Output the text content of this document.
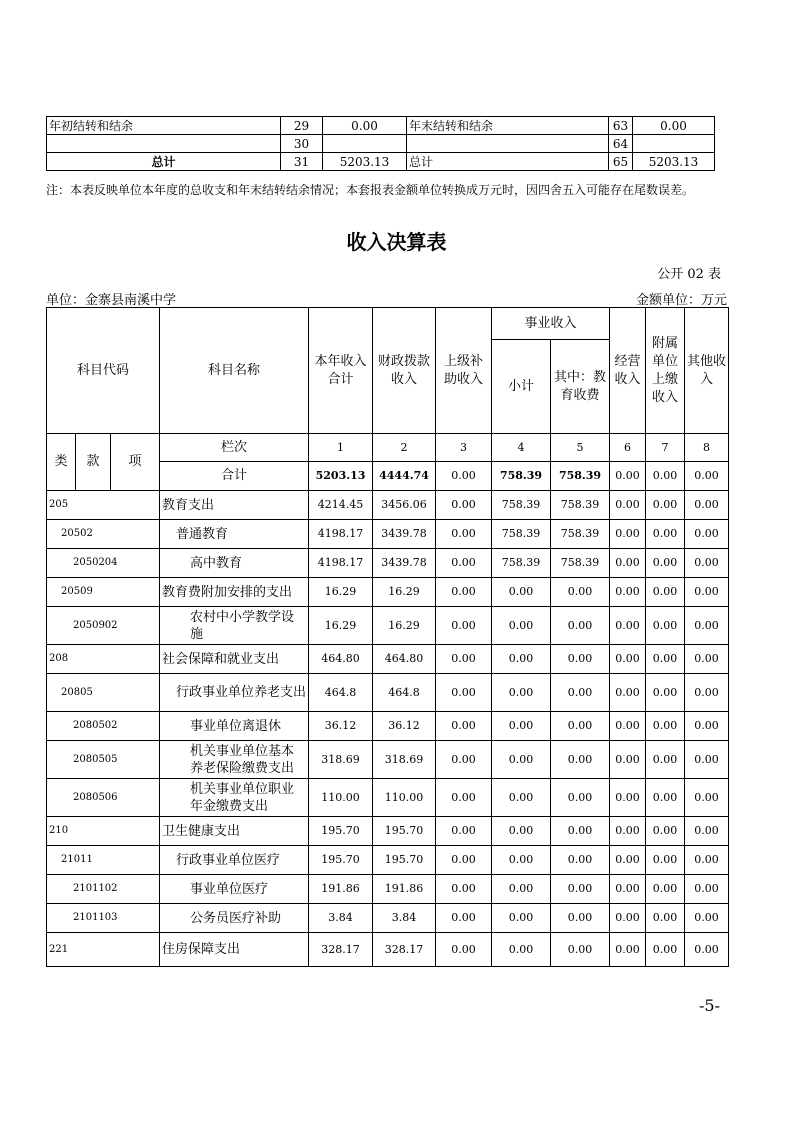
年初结转和结余	29	0.00	年末结转和结余	63	0.00
	30			64	
总计	31	5203.13	总计	65	5203.13
注：本表反映单位本年度的总收支和年末结转结余情况；本套报表金额单位转换成万元时，因四舍五入可能存在尾数误差。
收入决算表
公开 02 表
单位：金寨县南溪中学	金额单位：万元
科目代码			科目名称	本年收入合计	财政拨款收入	上级补助收入	事业收入		经营收入	附属单位上缴收入	其他收入
							小计	其中：教育收费			
类	款	项	栏次	1	2	3	4	5	6	7	8
			合计	5203.13	4444.74	0.00	758.39	758.39	0.00	0.00	0.00
205			教育支出	4214.45	3456.06	0.00	758.39	758.39	0.00	0.00	0.00
20502			普通教育	4198.17	3439.78	0.00	758.39	758.39	0.00	0.00	0.00
2050204			高中教育	4198.17	3439.78	0.00	758.39	758.39	0.00	0.00	0.00
20509			教育费附加安排的支出	16.29	16.29	0.00	0.00	0.00	0.00	0.00	0.00
2050902			农村中小学教学设施	16.29	16.29	0.00	0.00	0.00	0.00	0.00	0.00
208			社会保障和就业支出	464.80	464.80	0.00	0.00	0.00	0.00	0.00	0.00
20805			行政事业单位养老支出	464.8	464.8	0.00	0.00	0.00	0.00	0.00	0.00
2080502			事业单位离退休	36.12	36.12	0.00	0.00	0.00	0.00	0.00	0.00
2080505			机关事业单位基本养老保险缴费支出	318.69	318.69	0.00	0.00	0.00	0.00	0.00	0.00
2080506			机关事业单位职业年金缴费支出	110.00	110.00	0.00	0.00	0.00	0.00	0.00	0.00
210			卫生健康支出	195.70	195.70	0.00	0.00	0.00	0.00	0.00	0.00
21011			行政事业单位医疗	195.70	195.70	0.00	0.00	0.00	0.00	0.00	0.00
2101102			事业单位医疗	191.86	191.86	0.00	0.00	0.00	0.00	0.00	0.00
2101103			公务员医疗补助	3.84	3.84	0.00	0.00	0.00	0.00	0.00	0.00
221			住房保障支出	328.17	328.17	0.00	0.00	0.00	0.00	0.00	0.00
-5-
